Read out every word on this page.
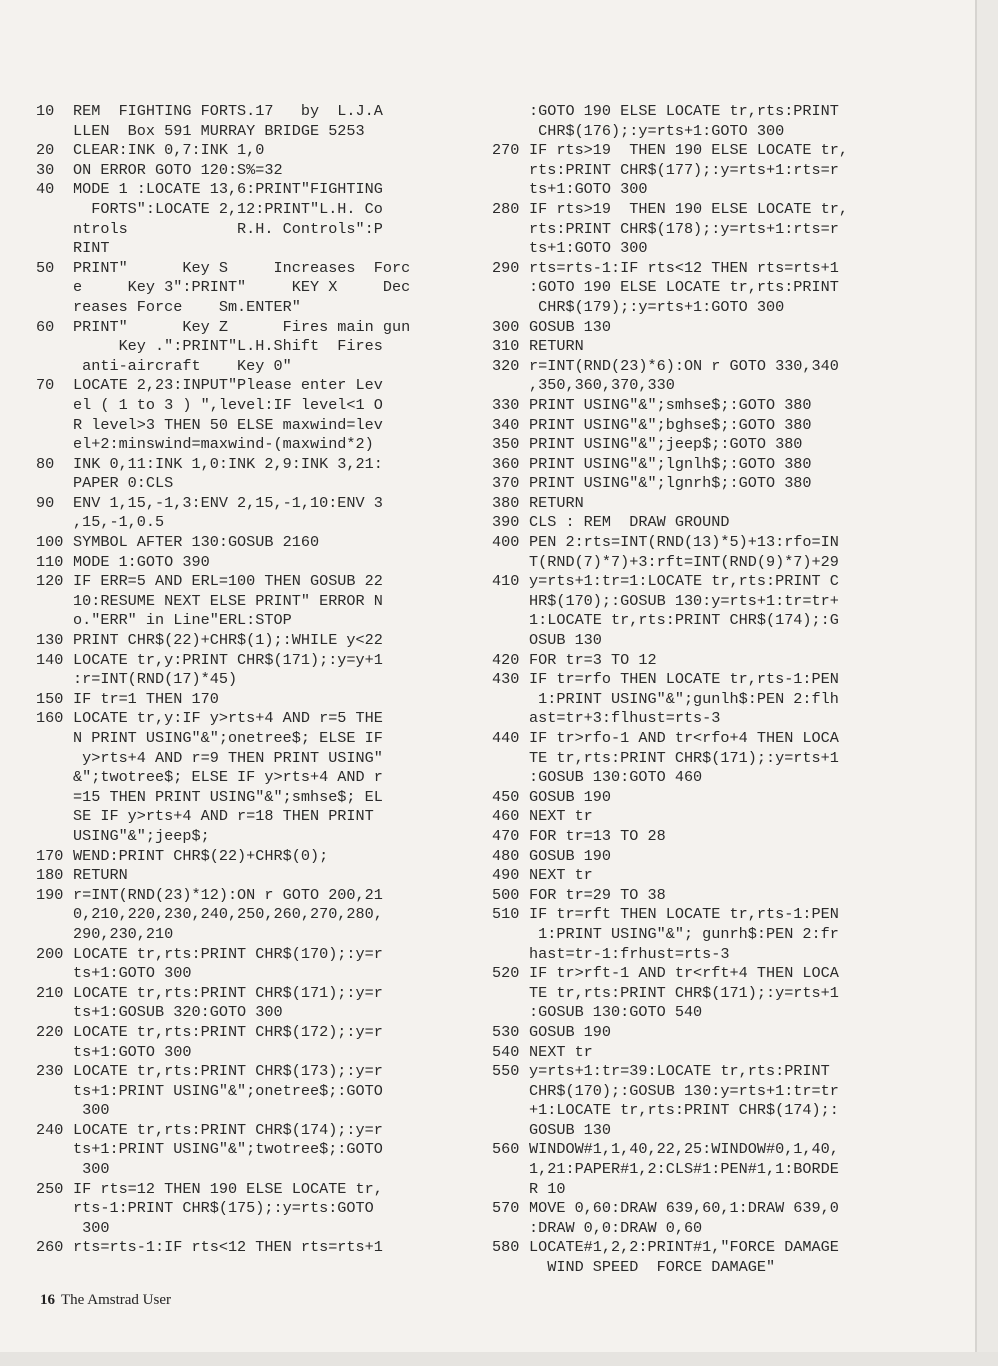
10	REM  FIGHTING FORTS.17   by  L.J.A
LLEN  Box 591 MURRAY BRIDGE 5253
20	CLEAR:INK 0,7:INK 1,0
30	ON ERROR GOTO 120:S%=32
40	MODE 1 :LOCATE 13,6:PRINT"FIGHTING
FORTS":LOCATE 2,12:PRINT"L.H. Co
ntrols            R.H. Controls":P
RINT
50	PRINT"      Key S     Increases  Forc
e     Key 3":PRINT"     KEY X     Dec
reases Force    Sm.ENTER"
60	PRINT"      Key Z      Fires main gun
Key .":PRINT"L.H.Shift  Fires
anti-aircraft    Key 0"
70	LOCATE 2,23:INPUT"Please enter Lev
el ( 1 to 3 ) ",level:IF level<1 O
R level>3 THEN 50 ELSE maxwind=lev
el+2:minswind=maxwind-(maxwind*2)
80	INK 0,11:INK 1,0:INK 2,9:INK 3,21:
PAPER 0:CLS
90	ENV 1,15,-1,3:ENV 2,15,-1,10:ENV 3
,15,-1,0.5
100 SYMBOL AFTER 130:GOSUB 2160
110 MODE 1:GOTO 390
120 IF ERR=5 AND ERL=100 THEN GOSUB 22
10:RESUME NEXT ELSE PRINT" ERROR N
o."ERR" in Line"ERL:STOP
130 PRINT CHR$(22)+CHR$(1);:WHILE y<22
140 LOCATE tr,y:PRINT CHR$(171);:y=y+1
:r=INT(RND(17)*45)
150 IF tr=1 THEN 170
160 LOCATE tr,y:IF y>rts+4 AND r=5 THE
N PRINT USING"&";onetree$; ELSE IF
y>rts+4 AND r=9 THEN PRINT USING"
&";twotree$; ELSE IF y>rts+4 AND r
=15 THEN PRINT USING"&";smhse$; EL
SE IF y>rts+4 AND r=18 THEN PRINT
USING"&";jeep$;
170 WEND:PRINT CHR$(22)+CHR$(0);
180 RETURN
190 r=INT(RND(23)*12):ON r GOTO 200,21
0,210,220,230,240,250,260,270,280,
290,230,210
200 LOCATE tr,rts:PRINT CHR$(170);:y=r
ts+1:GOTO 300
210 LOCATE tr,rts:PRINT CHR$(171);:y=r
ts+1:GOSUB 320:GOTO 300
220 LOCATE tr,rts:PRINT CHR$(172);:y=r
ts+1:GOTO 300
230 LOCATE tr,rts:PRINT CHR$(173);:y=r
ts+1:PRINT USING"&";onetree$;:GOTO
300
240 LOCATE tr,rts:PRINT CHR$(174);:y=r
ts+1:PRINT USING"&";twotree$;:GOTO
300
250 IF rts=12 THEN 190 ELSE LOCATE tr,
rts-1:PRINT CHR$(175);:y=rts:GOTO
300
260 rts=rts-1:IF rts<12 THEN rts=rts+1
:GOTO 190 ELSE LOCATE tr,rts:PRINT
CHR$(176);:y=rts+1:GOTO 300
270 IF rts>19  THEN 190 ELSE LOCATE tr,
rts:PRINT CHR$(177);:y=rts+1:rts=r
ts+1:GOTO 300
280 IF rts>19  THEN 190 ELSE LOCATE tr,
rts:PRINT CHR$(178);:y=rts+1:rts=r
ts+1:GOTO 300
290 rts=rts-1:IF rts<12 THEN rts=rts+1
:GOTO 190 ELSE LOCATE tr,rts:PRINT
CHR$(179);:y=rts+1:GOTO 300
300 GOSUB 130
310 RETURN
320 r=INT(RND(23)*6):ON r GOTO 330,340
,350,360,370,330
330 PRINT USING"&";smhse$;:GOTO 380
340 PRINT USING"&";bghse$;:GOTO 380
350 PRINT USING"&";jeep$;:GOTO 380
360 PRINT USING"&";lgnlh$;:GOTO 380
370 PRINT USING"&";lgnrh$;:GOTO 380
380 RETURN
390 CLS : REM  DRAW GROUND
400 PEN 2:rts=INT(RND(13)*5)+13:rfo=IN
T(RND(7)*7)+3:rft=INT(RND(9)*7)+29
410 y=rts+1:tr=1:LOCATE tr,rts:PRINT C
HR$(170);:GOSUB 130:y=rts+1:tr=tr+
1:LOCATE tr,rts:PRINT CHR$(174);:G
OSUB 130
420 FOR tr=3 TO 12
430 IF tr=rfo THEN LOCATE tr,rts-1:PEN
1:PRINT USING"&";gunlh$:PEN 2:flh
ast=tr+3:flhust=rts-3
440 IF tr>rfo-1 AND tr<rfo+4 THEN LOCA
TE tr,rts:PRINT CHR$(171);:y=rts+1
:GOSUB 130:GOTO 460
450 GOSUB 190
460 NEXT tr
470 FOR tr=13 TO 28
480 GOSUB 190
490 NEXT tr
500 FOR tr=29 TO 38
510 IF tr=rft THEN LOCATE tr,rts-1:PEN
1:PRINT USING"&"; gunrh$:PEN 2:fr
hast=tr-1:frhust=rts-3
520 IF tr>rft-1 AND tr<rft+4 THEN LOCA
TE tr,rts:PRINT CHR$(171);:y=rts+1
:GOSUB 130:GOTO 540
530 GOSUB 190
540 NEXT tr
550 y=rts+1:tr=39:LOCATE tr,rts:PRINT
CHR$(170);:GOSUB 130:y=rts+1:tr=tr
+1:LOCATE tr,rts:PRINT CHR$(174);:
GOSUB 130
560 WINDOW#1,1,40,22,25:WINDOW#0,1,40,
1,21:PAPER#1,2:CLS#1:PEN#1,1:BORDE
R 10
570 MOVE 0,60:DRAW 639,60,1:DRAW 639,0
:DRAW 0,0:DRAW 0,60
580 LOCATE#1,2,2:PRINT#1,"FORCE DAMAGE
WIND SPEED  FORCE DAMAGE"
16 The Amstrad User
